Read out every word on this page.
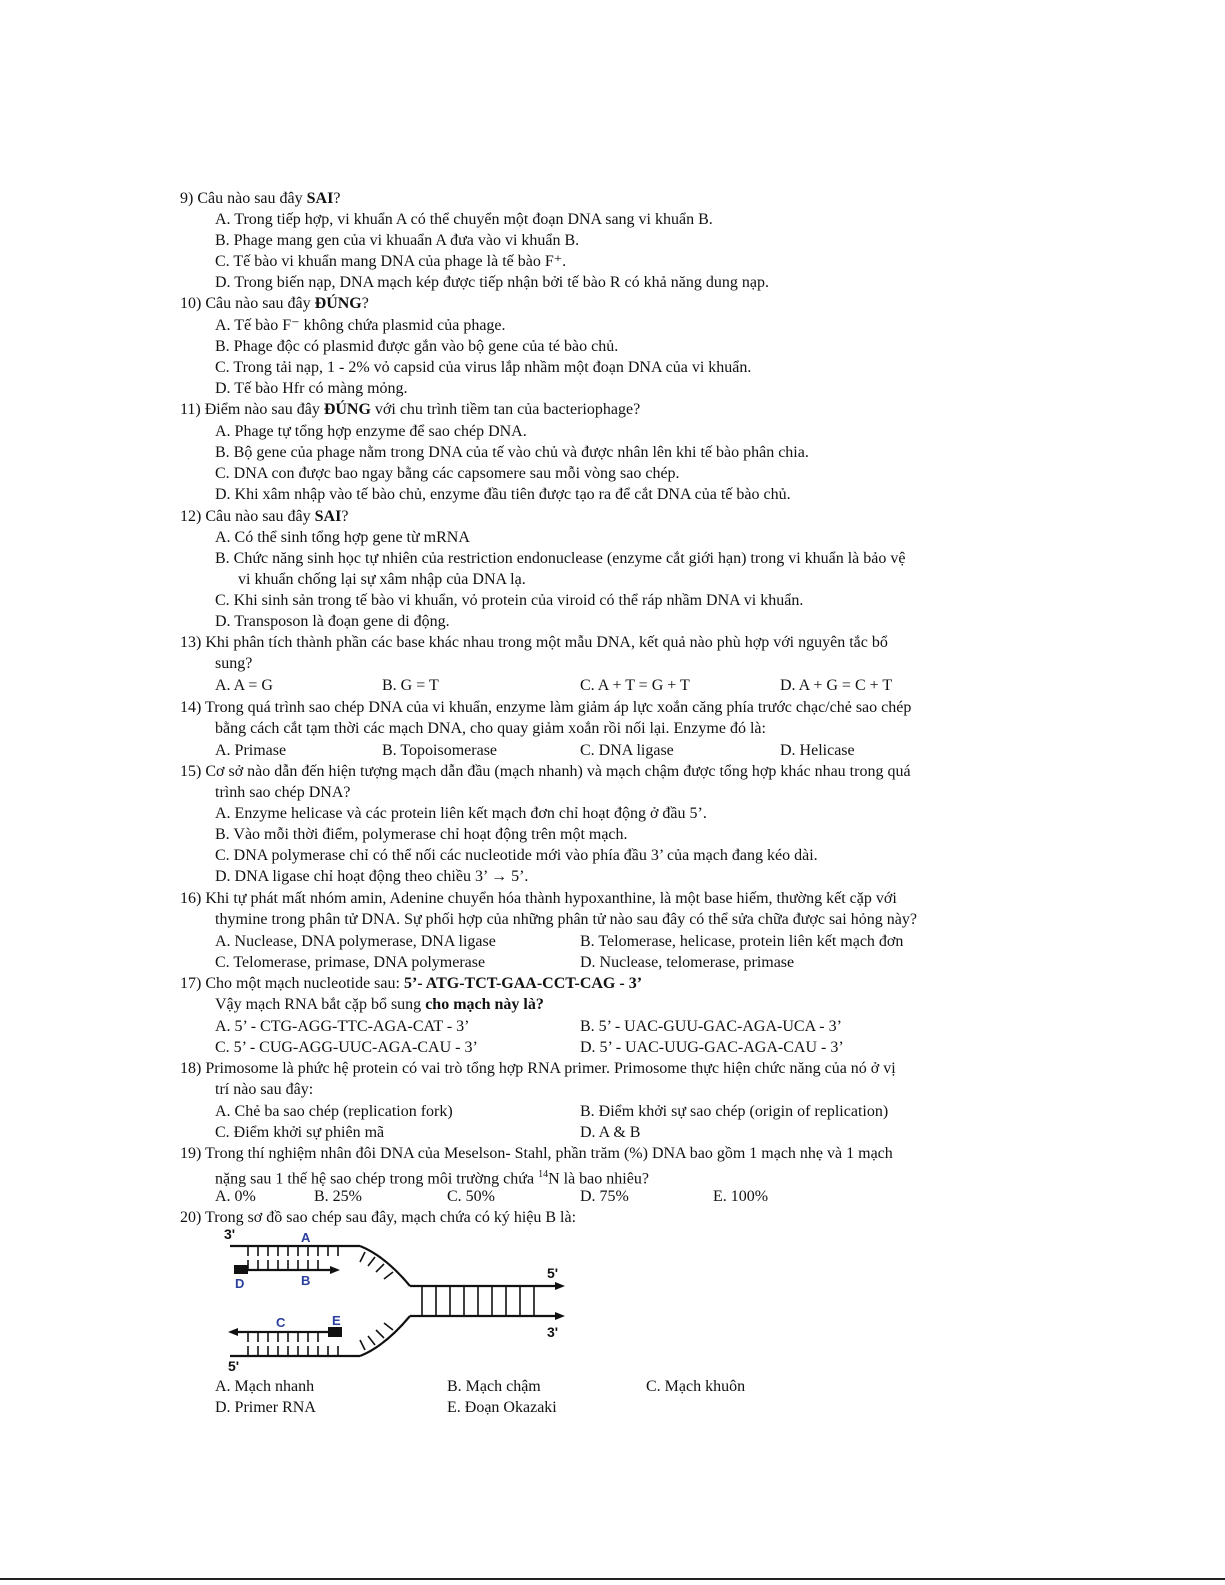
9) Câu nào sau đây SAI?
A. Trong tiếp hợp, vi khuẩn A có thể chuyển một đoạn DNA sang vi khuẩn B.
B. Phage mang gen của vi khuaẩn A đưa vào vi khuẩn B.
C. Tế bào vi khuẩn mang DNA của phage là tế bào F⁺.
D. Trong biến nạp, DNA mạch kép được tiếp nhận bởi tế bào R có khả năng dung nạp.
10) Câu nào sau đây ĐÚNG?
A. Tế bào F⁻ không chứa plasmid của phage.
B. Phage độc có plasmid được gắn vào bộ gene của té bào chủ.
C. Trong tải nạp, 1 - 2% vỏ capsid của virus lắp nhầm một đoạn DNA của vi khuẩn.
D. Tế bào Hfr có màng mỏng.
11) Điểm nào sau đây ĐÚNG với chu trình tiềm tan của bacteriophage?
A. Phage tự tổng hợp enzyme để sao chép DNA.
B. Bộ gene của phage nằm trong DNA của tế vào chủ và được nhân lên khi tế bào phân chia.
C. DNA con được bao ngay bằng các capsomere sau mỗi vòng sao chép.
D. Khi xâm nhập vào tế bào chủ, enzyme đầu tiên được tạo ra để cắt DNA của tế bào chủ.
12) Câu nào sau đây SAI?
A. Có thể sinh tổng hợp gene từ mRNA
B. Chức năng sinh học tự nhiên của restriction endonuclease (enzyme cắt giới hạn) trong vi khuẩn là bảo vệ
vi khuẩn chống lại sự xâm nhập của DNA lạ.
C. Khi sinh sản trong tế bào vi khuẩn, vỏ protein của viroid có thể ráp nhầm DNA vi khuẩn.
D. Transposon là đoạn gene di động.
13) Khi phân tích thành phần các base khác nhau trong một mẫu DNA, kết quả nào phù hợp với nguyên tắc bổ
sung?
A. A = G	B. G = T	C. A + T = G + T	D. A + G = C + T
14) Trong quá trình sao chép DNA của vi khuẩn, enzyme làm giảm áp lực xoắn căng phía trước chạc/chẻ sao chép
bằng cách cắt tạm thời các mạch DNA, cho quay giảm xoắn rồi nối lại. Enzyme đó là:
A. Primase	B. Topoisomerase	C. DNA ligase	D. Helicase
15) Cơ sở nào dẫn đến hiện tượng mạch dẫn đầu (mạch nhanh) và mạch chậm được tổng hợp khác nhau trong quá
trình sao chép DNA?
A. Enzyme helicase và các protein liên kết mạch đơn chỉ hoạt động ở đầu 5’.
B. Vào mỗi thời điểm, polymerase chỉ hoạt động trên một mạch.
C. DNA polymerase chỉ có thể nối các nucleotide mới vào phía đầu 3’ của mạch đang kéo dài.
D. DNA ligase chỉ hoạt động theo chiều 3’ → 5’.
16) Khi tự phát mất nhóm amin, Adenine chuyển hóa thành hypoxanthine, là một base hiếm, thường kết cặp với
thymine trong phân tử DNA. Sự phối hợp của những phân tử nào sau đây có thể sửa chữa được sai hỏng này?
A. Nuclease, DNA polymerase, DNA ligase	B. Telomerase, helicase, protein liên kết mạch đơn
C. Telomerase, primase, DNA polymerase	D. Nuclease, telomerase, primase
17) Cho một mạch nucleotide sau: 5’- ATG-TCT-GAA-CCT-CAG - 3’
Vậy mạch RNA bắt cặp bổ sung cho mạch này là?
A. 5’ - CTG-AGG-TTC-AGA-CAT - 3’	B. 5’ - UAC-GUU-GAC-AGA-UCA - 3’
C. 5’ - CUG-AGG-UUC-AGA-CAU - 3’	D. 5’ - UAC-UUG-GAC-AGA-CAU - 3’
18) Primosome là phức hệ protein có vai trò tổng hợp RNA primer. Primosome thực hiện chức năng của nó ở vị
trí nào sau đây:
A. Chẻ ba sao chép (replication fork)	B. Điểm khởi sự sao chép (origin of replication)
C. Điểm khởi sự phiên mã	D. A & B
19) Trong thí nghiệm nhân đôi DNA của Meselson- Stahl, phần trăm (%) DNA bao gồm 1 mạch nhẹ và 1 mạch
nặng sau 1 thế hệ sao chép trong môi trường chứa $^{14}$N là bao nhiêu?
A. 0%	B. 25%	C. 50%	D. 75%	E. 100%
20) Trong sơ đồ sao chép sau đây, mạch chứa có ký hiệu B là:
3'	A
D	B	5'
3'
C	E
5'
A. Mạch nhanh	B. Mạch chậm	C. Mạch khuôn
D. Primer RNA	E. Đoạn Okazaki
